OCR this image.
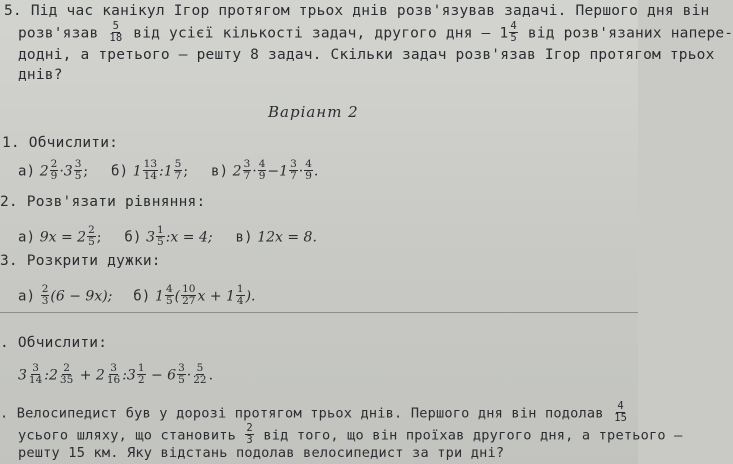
5. Під час канікул Ігор протягом трьох днів розв'язував задачі. Першого дня він
розв'язав $\frac{5}{18}$ від усієї кількості задач, другого дня — $1 \frac{4}{5}$ від розв'язаних напере-
додні, а третього — решту 8 задач. Скільки задач розв'язав Ігор протягом трьох
днів?
Варіант 2
1. Обчислити:
а) $2 \frac{2}{9} \cdot 3 \frac{3}{5}$ ; б) $1 \frac{13}{14}$ :1 $\frac{5}{7}$ ; в) $2 \frac{3}{7} \cdot \frac{4}{9} -1 \frac{3}{7} \cdot \frac{4}{9}$ .
2. Розв'язати рівняння:
а) $9x = 2 \frac{2}{5}$ ; б) $3 \frac{1}{5}$ :x = 4; в) 12x = 8.
3. Розкрити дужки:
$а) \frac{2}{3} (6 - 9x)$; б) $1 \frac{4}{5}$ ( $\frac{10}{27}$ $x + 1 \frac{1}{4}$ ).
. Обчислити:
$3 \frac{3}{14}$ :2 $\frac{2}{35} + 2 \frac{3}{16}$ :3 $\frac{1}{2} - 6 \frac{3}{5} \cdot \frac{5}{22}$ .
. Велосипедист був у дорозі протягом трьох днів. Першого дня він подолав $\frac{4}{15}$
усього шляху, що становить $\frac{2}{3}$ від того, що він проїхав другого дня, а третього —
решту 15 км. Яку відстань подолав велосипедист за три дні?
